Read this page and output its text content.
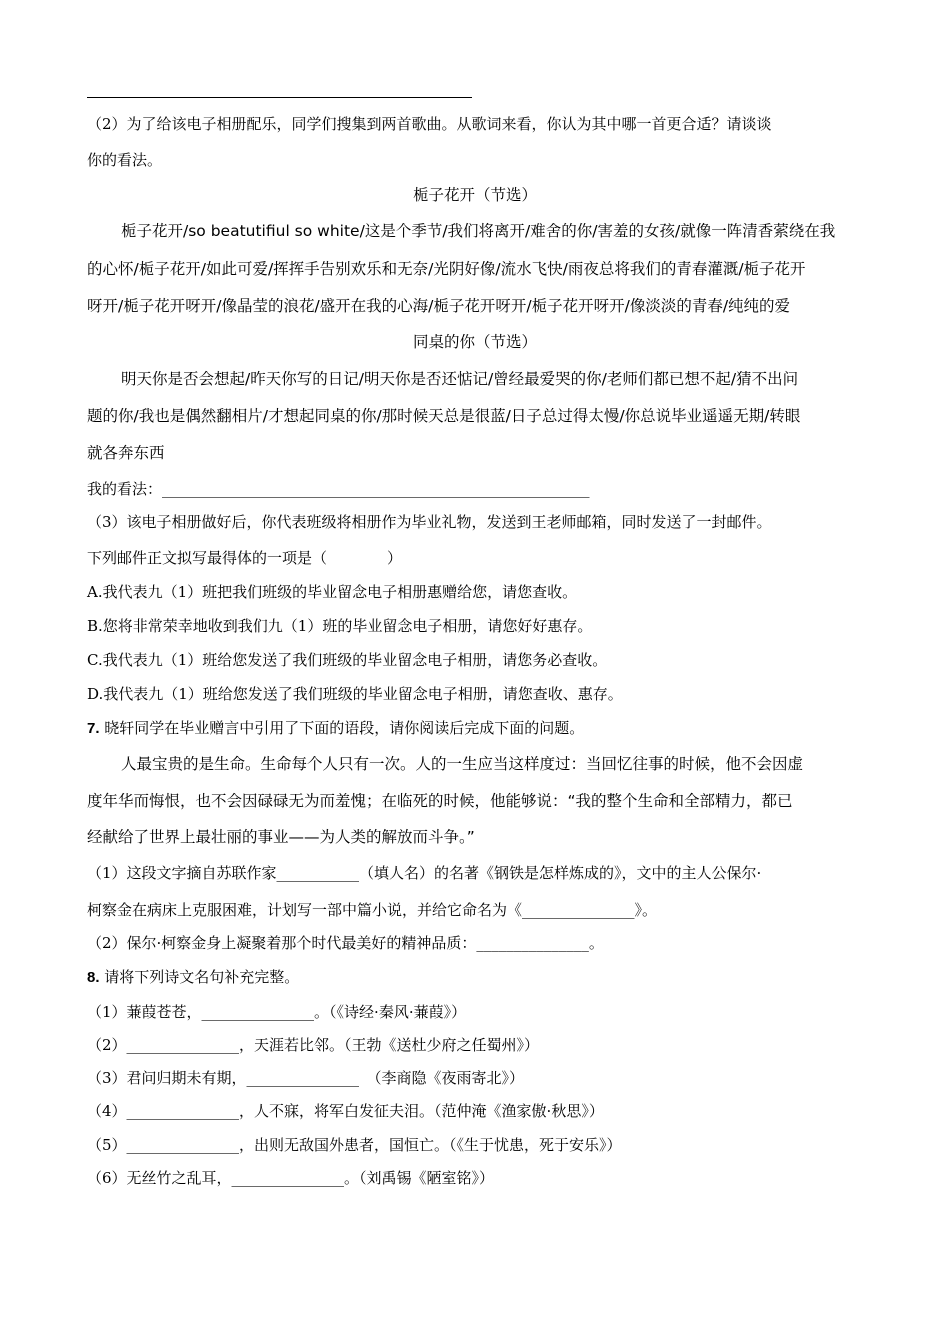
（2）为了给该电子相册配乐，同学们搜集到两首歌曲。从歌词来看，你认为其中哪一首更合适？请谈谈
你的看法。
栀子花开（节选）
栀子花开/so beatutifiul so white/这是个季节/我们将离开/难舍的你/害羞的女孩/就像一阵清香萦绕在我
的心怀/栀子花开/如此可爱/挥挥手告别欢乐和无奈/光阴好像/流水飞快/雨夜总将我们的青春灌溉/栀子花开
呀开/栀子花开呀开/像晶莹的浪花/盛开在我的心海/栀子花开呀开/栀子花开呀开/像淡淡的青春/纯纯的爱
同桌的你（节选）
明天你是否会想起/昨天你写的日记/明天你是否还惦记/曾经最爱哭的你/老师们都已想不起/猜不出问
题的你/我也是偶然翻相片/才想起同桌的你/那时候天总是很蓝/日子总过得太慢/你总说毕业遥遥无期/转眼
就各奔东西
我的看法：_________________________________________________________
（3）该电子相册做好后，你代表班级将相册作为毕业礼物，发送到王老师邮箱，同时发送了一封邮件。
下列邮件正文拟写最得体的一项是（　　　　）
A.我代表九（1）班把我们班级的毕业留念电子相册惠赠给您，请您查收。
B.您将非常荣幸地收到我们九（1）班的毕业留念电子相册，请您好好惠存。
C.我代表九（1）班给您发送了我们班级的毕业留念电子相册，请您务必查收。
D.我代表九（1）班给您发送了我们班级的毕业留念电子相册，请您查收、惠存。
7. 晓轩同学在毕业赠言中引用了下面的语段，请你阅读后完成下面的问题。
人最宝贵的是生命。生命每个人只有一次。人的一生应当这样度过：当回忆往事的时候，他不会因虚
度年华而悔恨，也不会因碌碌无为而羞愧；在临死的时候，他能够说：“我的整个生命和全部精力，都已
经献给了世界上最壮丽的事业——为人类的解放而斗争。”
（1）这段文字摘自苏联作家___________（填人名）的名著《钢铁是怎样炼成的》，文中的主人公保尔·
柯察金在病床上克服困难，计划写一部中篇小说，并给它命名为《_______________》。
（2）保尔·柯察金身上凝聚着那个时代最美好的精神品质：_______________。
8. 请将下列诗文名句补充完整。
（1）蒹葭苍苍，_______________。（《诗经·秦风·蒹葭》）
（2）_______________，天涯若比邻。（王勃《送杜少府之任蜀州》）
（3）君问归期未有期，_______________　（李商隐《夜雨寄北》）
（4）_______________，人不寐，将军白发征夫泪。（范仲淹《渔家傲·秋思》）
（5）_______________，出则无敌国外患者，国恒亡。（《生于忧患，死于安乐》）
（6）无丝竹之乱耳，_______________。（刘禹锡《陋室铭》）
